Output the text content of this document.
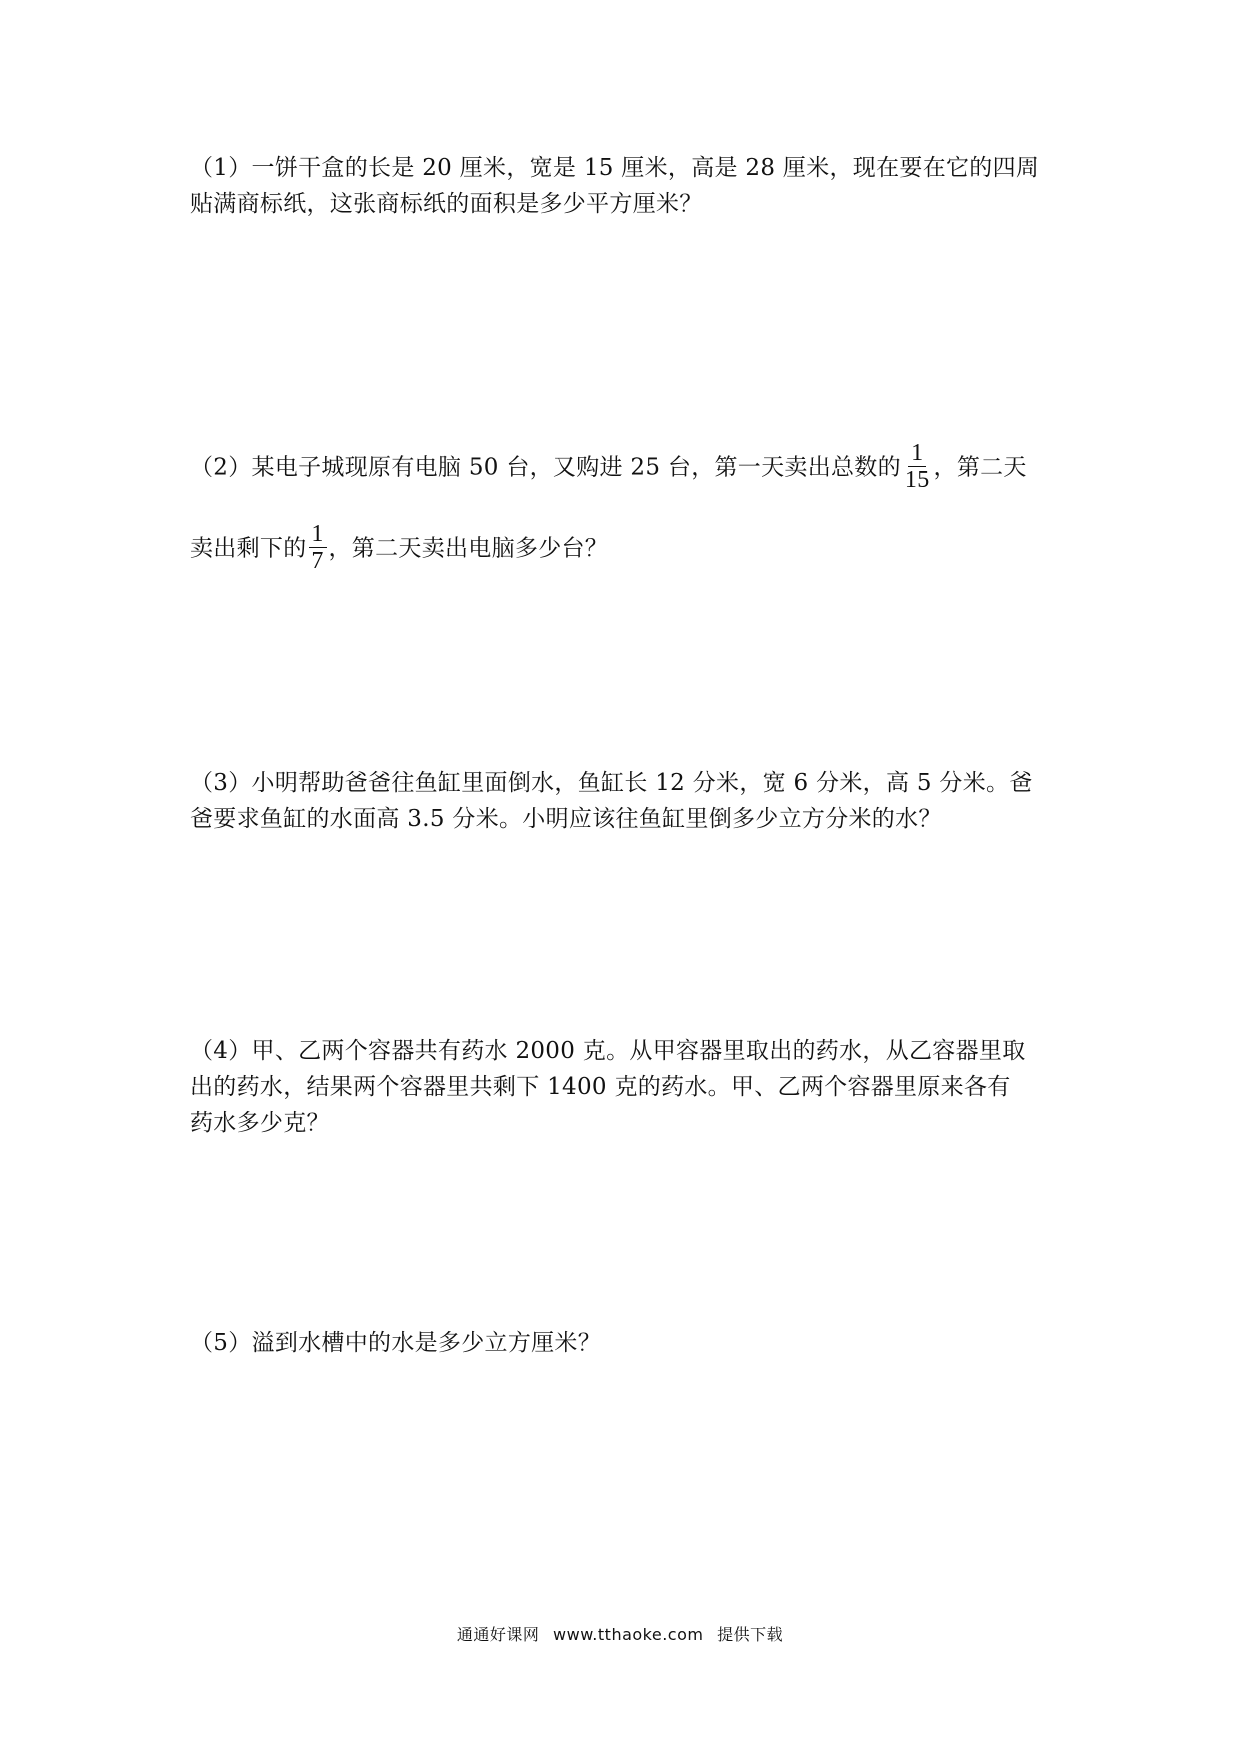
（1）一饼干盒的长是 20 厘米，宽是 15 厘米，高是 28 厘米，现在要在它的四周
贴满商标纸，这张商标纸的面积是多少平方厘米？
（2）某电子城现原有电脑 50 台，又购进 25 台，第一天卖出总数的 $\frac{1}{15}$ ，第二天
卖出剩下的 $\frac{1}{7}$ ，第二天卖出电脑多少台？
（3）小明帮助爸爸往鱼缸里面倒水，鱼缸长 12 分米，宽 6 分米，高 5 分米。爸
爸要求鱼缸的水面高 3.5 分米。小明应该往鱼缸里倒多少立方分米的水？
（4）甲、乙两个容器共有药水 2000 克。从甲容器里取出的药水，从乙容器里取
出的药水，结果两个容器里共剩下 1400 克的药水。甲、乙两个容器里原来各有
药水多少克？
（5）溢到水槽中的水是多少立方厘米？
通通好课网 www.tthaoke.com 提供下载
